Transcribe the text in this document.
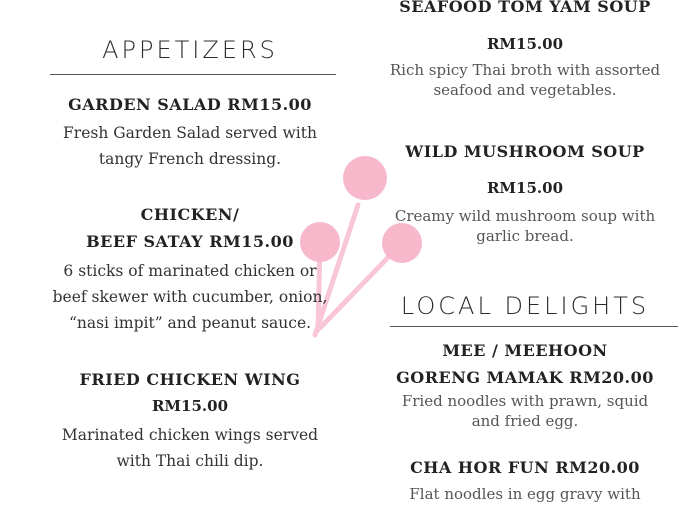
APPETIZERS
GARDEN SALAD RM15.00
Fresh Garden Salad served with
tangy French dressing.
CHICKEN/
BEEF SATAY RM15.00
6 sticks of marinated chicken or
beef skewer with cucumber, onion,
“nasi impit” and peanut sauce.
FRIED CHICKEN WING
RM15.00
Marinated chicken wings served
with Thai chili dip.
SEAFOOD TOM YAM SOUP
RM15.00
Rich spicy Thai broth with assorted
seafood and vegetables.
WILD MUSHROOM SOUP
RM15.00
Creamy wild mushroom soup with
garlic bread.
LOCAL DELIGHTS
MEE / MEEHOON
GORENG MAMAK RM20.00
Fried noodles with prawn, squid
and fried egg.
CHA HOR FUN RM20.00
Flat noodles in egg gravy with
